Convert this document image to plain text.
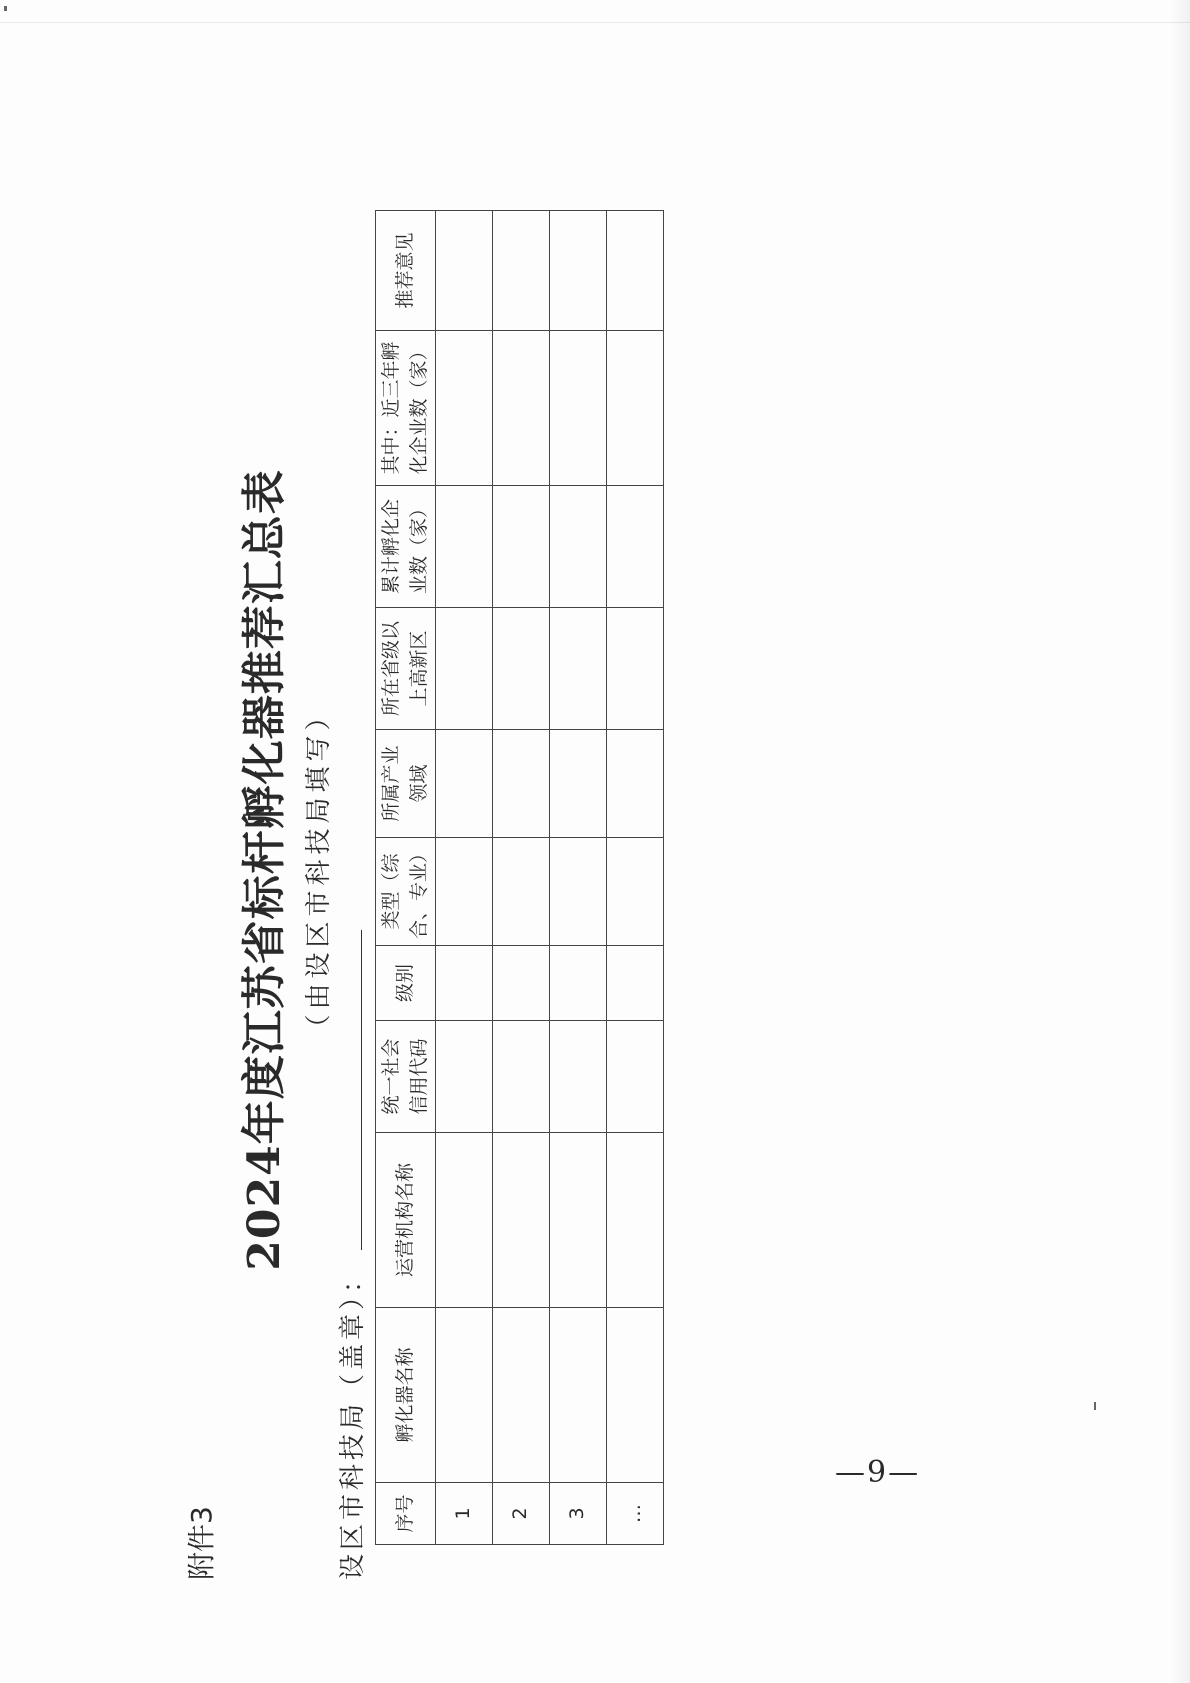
附件3
2024年度江苏省标杆孵化器推荐汇总表 （由设区市科技局填写）
设区市科技局（盖章）： 序号	孵化器名称	运营机构名称	统一社会 信用代码	级别	类型（综 合、专业）	所属产业 领域	所在省级以 上高新区	累计孵化企 业数（家）	其中：近三年孵 化企业数（家）	推荐意见

1										
2										
3										
…										
—9—
